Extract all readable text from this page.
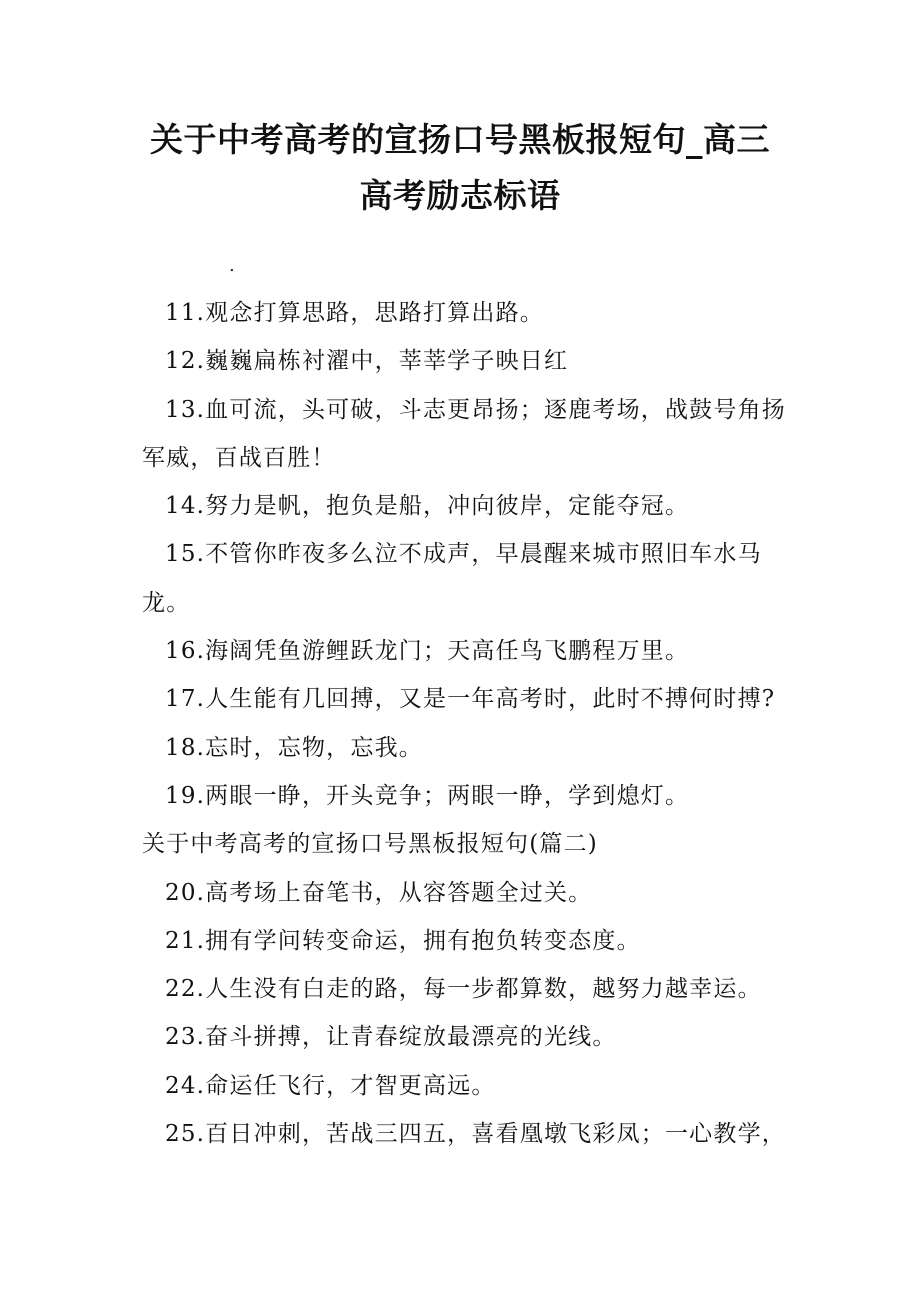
关于中考高考的宣扬口号黑板报短句_高三
高考励志标语
.

11.观念打算思路，思路打算出路。

12.巍巍扁栋衬濯中，莘莘学子映日红

13.血可流，头可破，斗志更昂扬；逐鹿考场，战鼓号角扬军威，百战百胜！

14.努力是帆，抱负是船，冲向彼岸，定能夺冠。

15.不管你昨夜多么泣不成声，早晨醒来城市照旧车水马龙。

16.海阔凭鱼游鲤跃龙门；天高任鸟飞鹏程万里。

17.人生能有几回搏，又是一年高考时，此时不搏何时搏?

18.忘时，忘物，忘我。

19.两眼一睁，开头竞争；两眼一睁，学到熄灯。

关于中考高考的宣扬口号黑板报短句(篇二)

20.高考场上奋笔书，从容答题全过关。

21.拥有学问转变命运，拥有抱负转变态度。

22.人生没有白走的路，每一步都算数，越努力越幸运。

23.奋斗拼搏，让青春绽放最漂亮的光线。

24.命运任飞行，才智更高远。

25.百日冲刺，苦战三四五，喜看凰墩飞彩凤；一心教学，
